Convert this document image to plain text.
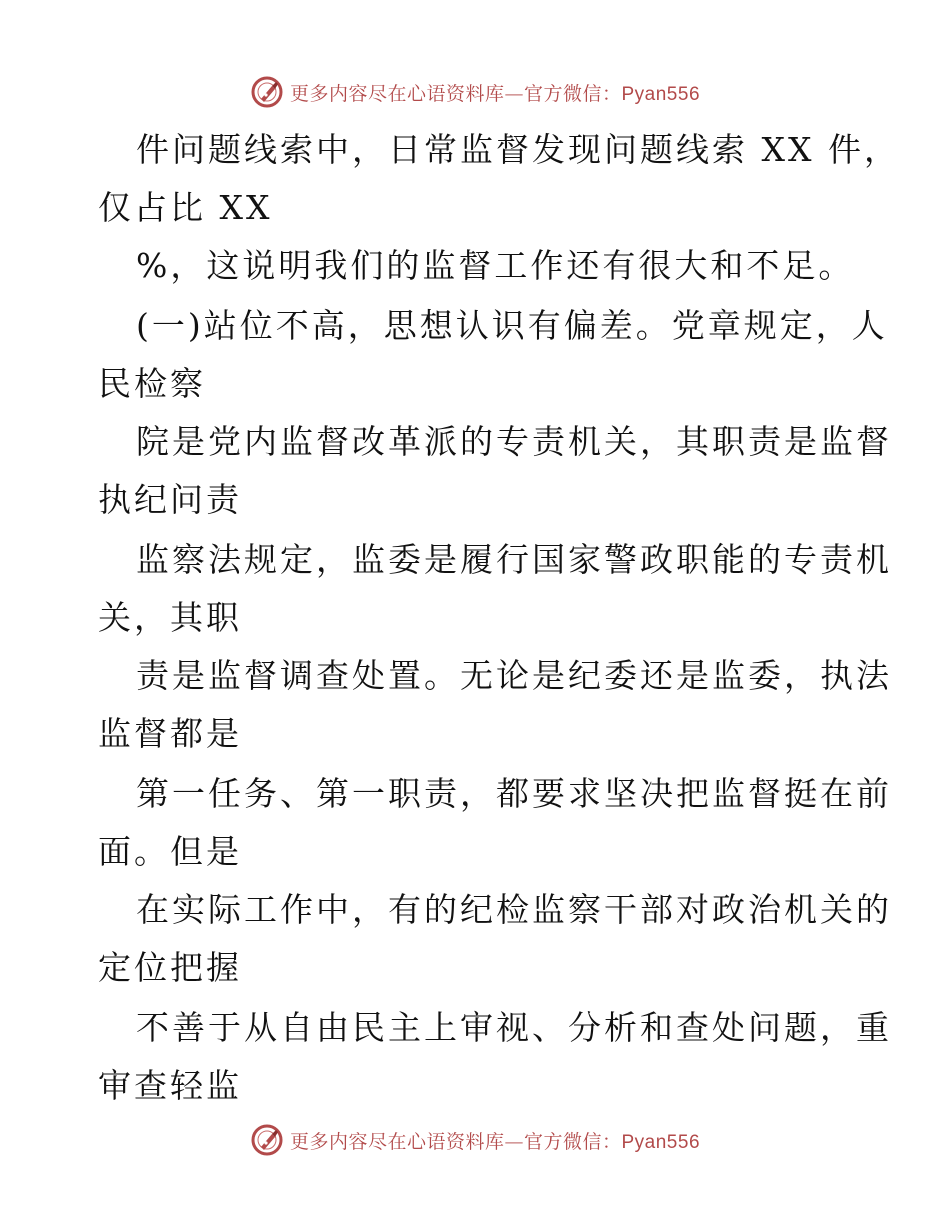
更多内容尽在心语资料库—官方微信：Pyan556
件问题线索中，日常监督发现问题线索 XX 件，
仅占比 XX
%，这说明我们的监督工作还有很大和不足。
(一)站位不高，思想认识有偏差。党章规定，人
民检察
院是党内监督改革派的专责机关，其职责是监督
执纪问责
监察法规定，监委是履行国家警政职能的专责机
关，其职
责是监督调查处置。无论是纪委还是监委，执法
监督都是
第一任务、第一职责，都要求坚决把监督挺在前
面。但是
在实际工作中，有的纪检监察干部对政治机关的
定位把握
不善于从自由民主上审视、分析和查处问题，重
审查轻监
更多内容尽在心语资料库—官方微信：Pyan556
